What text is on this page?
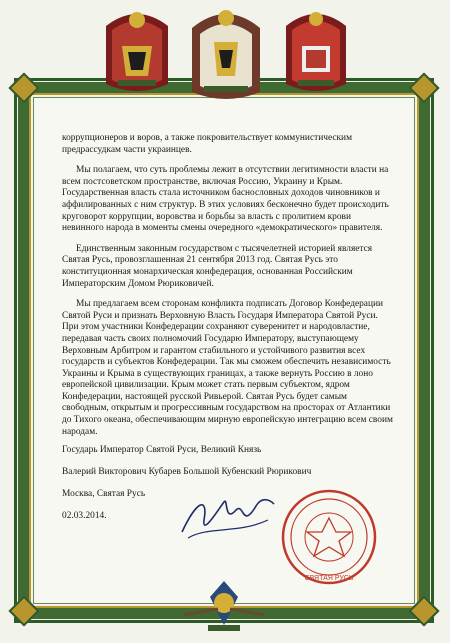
коррупционеров и воров, а также покровительствует коммунистическим предрассудкам части украинцев.

Мы полагаем, что суть проблемы лежит в отсутствии легитимности власти на всем постсоветском пространстве, включая Россию, Украину и Крым. Государственная власть стала источником баснословных доходов чиновников и аффилированных с ним структур. В этих условиях бесконечно будет происходить круговорот коррупции, воровства и борьбы за власть с пролитием крови невинного народа в моменты смены очередного «демократического» правителя.

Единственным законным государством с тысячелетней историей является Святая Русь, провозглашенная 21 сентября 2013 год. Святая Русь это конституционная монархическая конфедерация, основанная Российским Императорским Домом Рюриковичей.

Мы предлагаем всем сторонам конфликта подписать Договор Конфедерации Святой Руси и признать Верховную Власть Государя Императора Святой Руси. При этом участники Конфедерации сохраняют суверенитет и народовластие, передавая часть своих полномочий Государю Императору, выступающему Верховным Арбитром и гарантом стабильного и устойчивого развития всех государств и субъектов Конфедерации. Так мы сможем обеспечить независимость Украины и Крыма в существующих границах, а также вернуть Россию в лоно европейской цивилизации. Крым может стать первым субъектом, ядром Конфедерации, настоящей русской Ривьерой. Святая Русь будет самым свободным, открытым и прогрессивным государством на просторах от Атлантики до Тихого океана, обеспечивающим мирную европейскую интеграцию всем своим народам.

Государь Император Святой Руси, Великий Князь
Валерий Викторович Кубарев Большой Кубенский Рюрикович
Москва, Святая Русь
02.03.2014.
СВЯТАЯ РУСЬ
